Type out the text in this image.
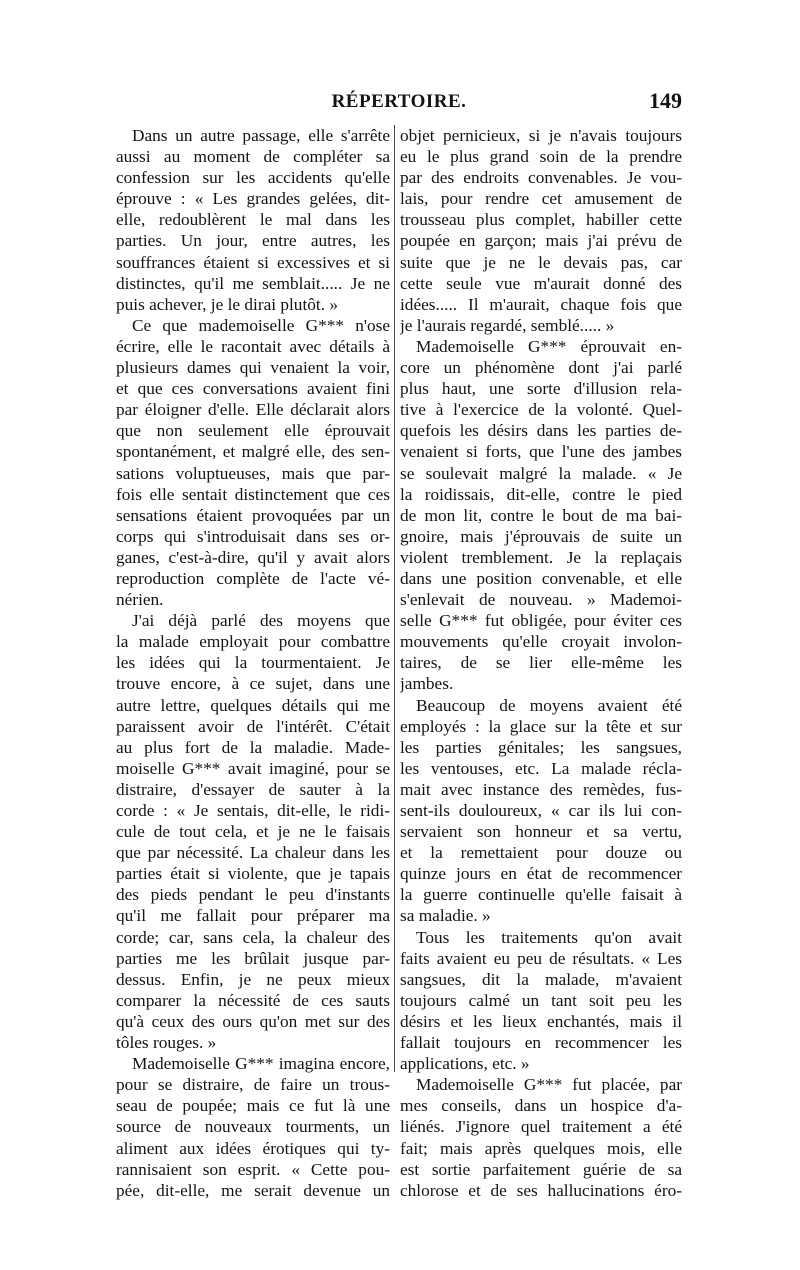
RÉPERTOIRE.	149
Dans un autre passage, elle s'arrête
aussi au moment de compléter sa
confession sur les accidents qu'elle
éprouve : « Les grandes gelées, dit-
elle, redoublèrent le mal dans les
parties. Un jour, entre autres, les
souffrances étaient si excessives et si
distinctes, qu'il me semblait..... Je ne
puis achever, je le dirai plutôt. »
Ce que mademoiselle G*** n'ose
écrire, elle le racontait avec détails à
plusieurs dames qui venaient la voir,
et que ces conversations avaient fini
par éloigner d'elle. Elle déclarait alors
que non seulement elle éprouvait
spontanément, et malgré elle, des sen-
sations voluptueuses, mais que par-
fois elle sentait distinctement que ces
sensations étaient provoquées par un
corps qui s'introduisait dans ses or-
ganes, c'est-à-dire, qu'il y avait alors
reproduction complète de l'acte vé-
nérien.
J'ai déjà parlé des moyens que
la malade employait pour combattre
les idées qui la tourmentaient. Je
trouve encore, à ce sujet, dans une
autre lettre, quelques détails qui me
paraissent avoir de l'intérêt. C'était
au plus fort de la maladie. Made-
moiselle G*** avait imaginé, pour se
distraire, d'essayer de sauter à la
corde : « Je sentais, dit-elle, le ridi-
cule de tout cela, et je ne le faisais
que par nécessité. La chaleur dans les
parties était si violente, que je tapais
des pieds pendant le peu d'instants
qu'il me fallait pour préparer ma
corde; car, sans cela, la chaleur des
parties me les brûlait jusque par-
dessus. Enfin, je ne peux mieux
comparer la nécessité de ces sauts
qu'à ceux des ours qu'on met sur des
tôles rouges. »
Mademoiselle G*** imagina encore,
pour se distraire, de faire un trous-
seau de poupée; mais ce fut là une
source de nouveaux tourments, un
aliment aux idées érotiques qui ty-
rannisaient son esprit. « Cette pou-
pée, dit-elle, me serait devenue un
objet pernicieux, si je n'avais toujours
eu le plus grand soin de la prendre
par des endroits convenables. Je vou-
lais, pour rendre cet amusement de
trousseau plus complet, habiller cette
poupée en garçon; mais j'ai prévu de
suite que je ne le devais pas, car
cette seule vue m'aurait donné des
idées..... Il m'aurait, chaque fois que
je l'aurais regardé, semblé..... »
Mademoiselle G*** éprouvait en-
core un phénomène dont j'ai parlé
plus haut, une sorte d'illusion rela-
tive à l'exercice de la volonté. Quel-
quefois les désirs dans les parties de-
venaient si forts, que l'une des jambes
se soulevait malgré la malade. « Je
la roidissais, dit-elle, contre le pied
de mon lit, contre le bout de ma bai-
gnoire, mais j'éprouvais de suite un
violent tremblement. Je la replaçais
dans une position convenable, et elle
s'enlevait de nouveau. » Mademoi-
selle G*** fut obligée, pour éviter ces
mouvements qu'elle croyait involon-
taires, de se lier elle-même les
jambes.
Beaucoup de moyens avaient été
employés : la glace sur la tête et sur
les parties génitales; les sangsues,
les ventouses, etc. La malade récla-
mait avec instance des remèdes, fus-
sent-ils douloureux, « car ils lui con-
servaient son honneur et sa vertu,
et la remettaient pour douze ou
quinze jours en état de recommencer
la guerre continuelle qu'elle faisait à
sa maladie. »
Tous les traitements qu'on avait
faits avaient eu peu de résultats. « Les
sangsues, dit la malade, m'avaient
toujours calmé un tant soit peu les
désirs et les lieux enchantés, mais il
fallait toujours en recommencer les
applications, etc. »
Mademoiselle G*** fut placée, par
mes conseils, dans un hospice d'a-
liénés. J'ignore quel traitement a été
fait; mais après quelques mois, elle
est sortie parfaitement guérie de sa
chlorose et de ses hallucinations éro-
